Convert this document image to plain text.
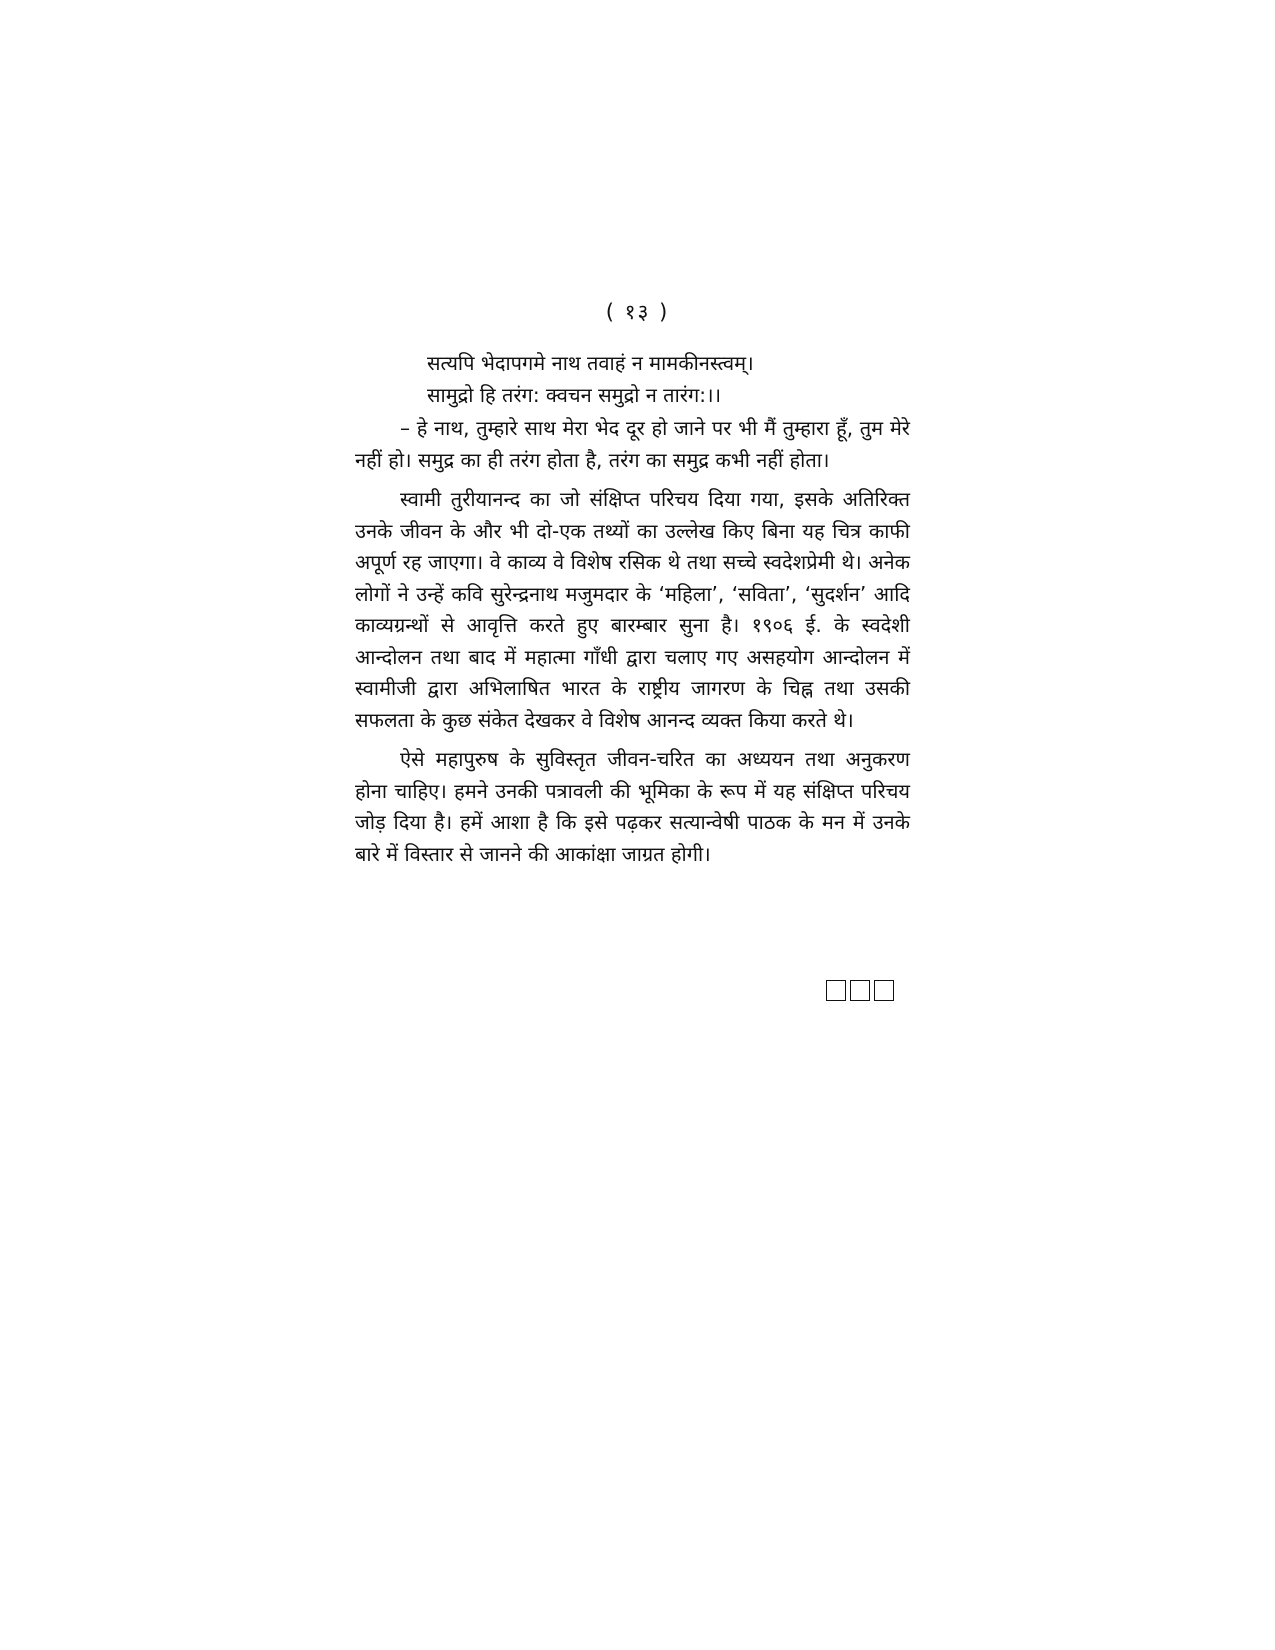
( १३ )

सत्यपि भेदापगमे नाथ तवाहं न मामकीनस्त्वम्।

सामुद्रो हि तरंग: क्वचन समुद्रो न तारंग:।।

– हे नाथ, तुम्हारे साथ मेरा भेद दूर हो जाने पर भी मैं तुम्हारा हूँ, तुम मेरे नहीं हो। समुद्र का ही तरंग होता है, तरंग का समुद्र कभी नहीं होता।

स्वामी तुरीयानन्द का जो संक्षिप्त परिचय दिया गया, इसके अतिरिक्त उनके जीवन के और भी दो-एक तथ्यों का उल्लेख किए बिना यह चित्र काफी अपूर्ण रह जाएगा। वे काव्य वे विशेष रसिक थे तथा सच्चे स्वदेशप्रेमी थे। अनेक लोगों ने उन्हें कवि सुरेन्द्रनाथ मजुमदार के ‘महिला’, ‘सविता’, ‘सुदर्शन’ आदि काव्यग्रन्थों से आवृत्ति करते हुए बारम्बार सुना है। १९०६ ई. के स्वदेशी आन्दोलन तथा बाद में महात्मा गाँधी द्वारा चलाए गए असहयोग आन्दोलन में स्वामीजी द्वारा अभिलाषित भारत के राष्ट्रीय जागरण के चिह्न तथा उसकी सफलता के कुछ संकेत देखकर वे विशेष आनन्द व्यक्त किया करते थे।

ऐसे महापुरुष के सुविस्तृत जीवन-चरित का अध्ययन तथा अनुकरण होना चाहिए। हमने उनकी पत्रावली की भूमिका के रूप में यह संक्षिप्त परिचय जोड़ दिया है। हमें आशा है कि इसे पढ़कर सत्यान्वेषी पाठक के मन में उनके बारे में विस्तार से जानने की आकांक्षा जाग्रत होगी।
